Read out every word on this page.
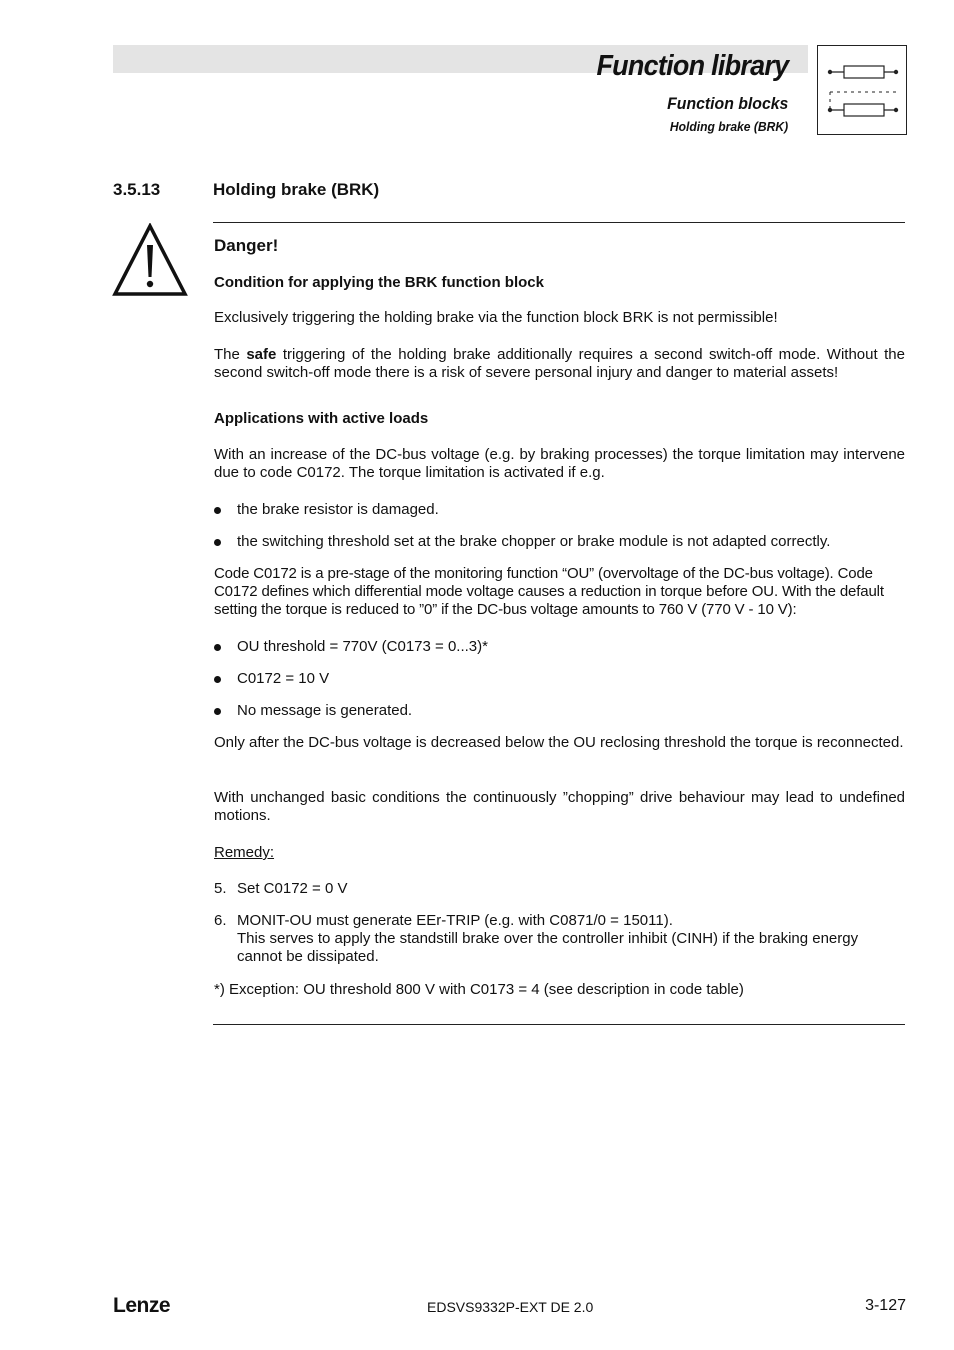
Function library
Function blocks
Holding brake (BRK)
3.5.13	Holding brake (BRK)
Danger!
Condition for applying the BRK function block
Exclusively triggering the holding brake via the function block BRK is not permissible!
The safe triggering of the holding brake additionally requires a second switch-off mode. Without the second switch-off mode there is a risk of severe personal injury and danger to material assets!
Applications with active loads
With an increase of the DC-bus voltage (e.g. by braking processes) the torque limitation may intervene due to code C0172. The torque limitation is activated if e.g.
the brake resistor is damaged.
the switching threshold set at the brake chopper or brake module is not adapted correctly.
Code C0172 is a pre-stage of the monitoring function “OU” (overvoltage of the DC-bus voltage). Code C0172 defines which differential mode voltage causes a reduction in torque before OU. With the default setting the torque is reduced to ”0” if the DC-bus voltage amounts to 760 V (770 V - 10 V):
OU threshold = 770V (C0173 = 0...3)*
C0172 = 10 V
No message is generated.
Only after the DC-bus voltage is decreased below the OU reclosing threshold the torque is reconnected.
With unchanged basic conditions the continuously ”chopping” drive behaviour may lead to undefined motions.
Remedy:
5. Set C0172 = 0 V
6. MONIT-OU must generate EEr-TRIP (e.g. with C0871/0 = 15011).
This serves to apply the standstill brake over the controller inhibit (CINH) if the braking energy cannot be dissipated.
*) Exception: OU threshold 800 V with C0173 = 4 (see description in code table)
Lenze	EDSVS9332P-EXT DE 2.0	3-127
